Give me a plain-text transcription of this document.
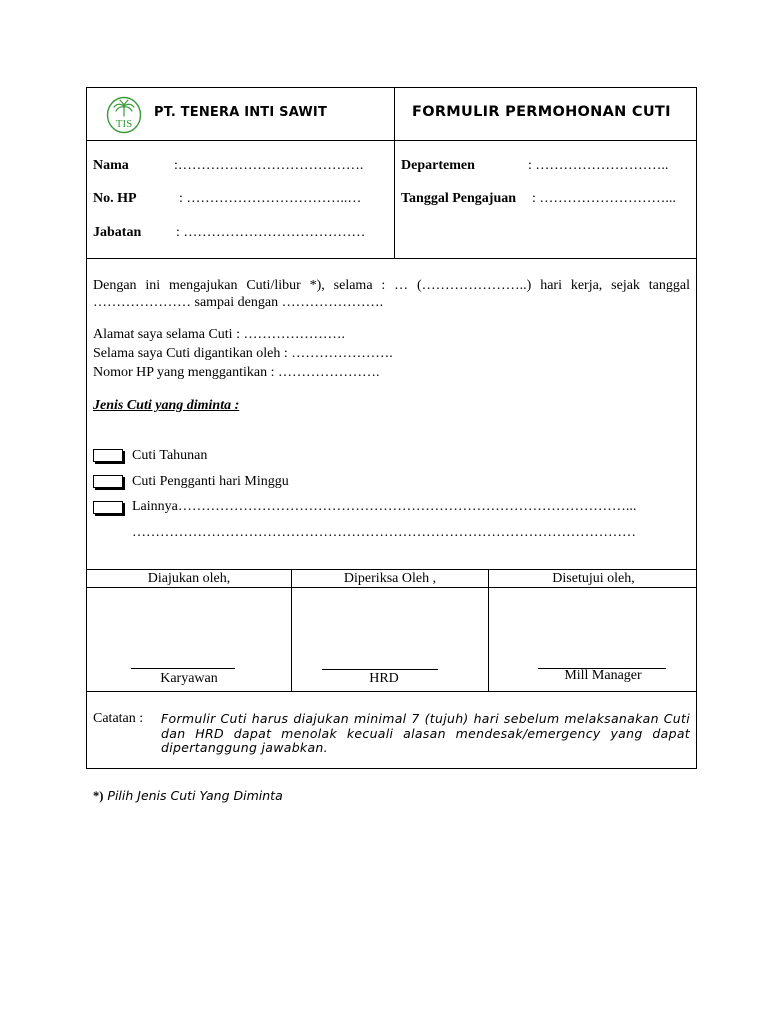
TIS
PT. TENERA INTI SAWIT	FORMULIR PERMOHONAN CUTI
Nama	:………………………………….
No. HP	: ……………………………..…
Jabatan : …………………………………
Departemen	: ………………………..
Tanggal Pengajuan : ………………………...
Dengan ini mengajukan Cuti/libur *), selama : … (…………………..) hari kerja, sejak tanggal ………………… sampai dengan ………………….
Alamat saya selama Cuti : ………………….
Selama saya Cuti digantikan oleh : ………………….
Nomor HP yang menggantikan : ………………….
Jenis Cuti yang diminta :
Cuti Tahunan
Cuti Pengganti hari Minggu
Lainnya……………………………………………………………………………………...
………………………………………………………………………………………………
Diajukan oleh,	Diperiksa Oleh ,	Disetujui oleh,
Karyawan	HRD	Mill Manager
Catatan : Formulir Cuti harus diajukan minimal 7 (tujuh) hari sebelum melaksanakan Cuti dan HRD dapat menolak kecuali alasan mendesak/emergency yang dapat dipertanggung jawabkan.
*) Pilih Jenis Cuti Yang Diminta
